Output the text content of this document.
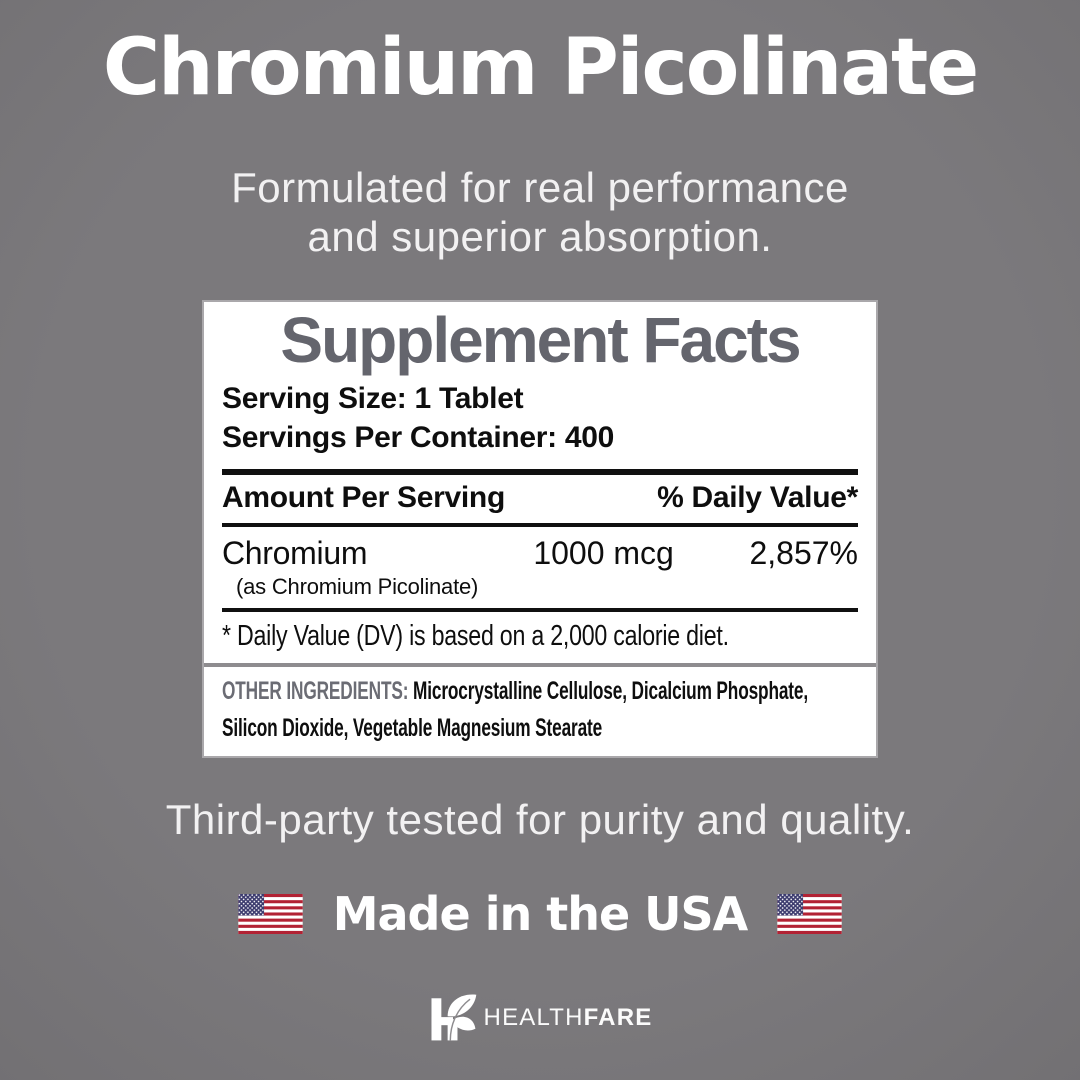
Chromium Picolinate
Formulated for real performance
and superior absorption.
Supplement Facts
Serving Size: 1 Tablet
Servings Per Container: 400
Amount Per Serving	% Daily Value*
Chromium	1000 mcg	2,857%
(as Chromium Picolinate)
* Daily Value (DV) is based on a 2,000 calorie diet.
OTHER INGREDIENTS: Microcrystalline Cellulose, Dicalcium Phosphate, Silicon Dioxide, Vegetable Magnesium Stearate
Third-party tested for purity and quality.
Made in the USA
HEALTHFARE
